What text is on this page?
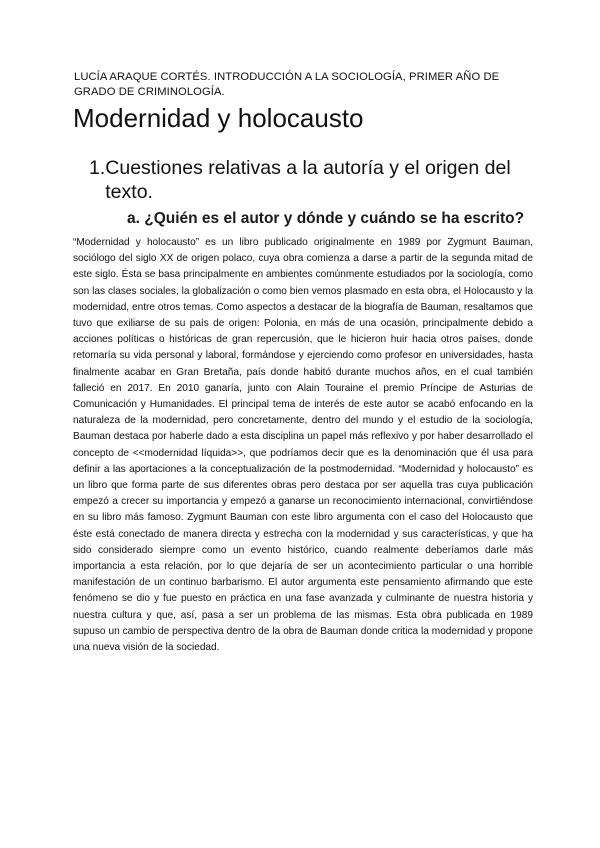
LUCÍA ARAQUE CORTÉS. INTRODUCCIÓN A LA SOCIOLOGÍA, PRIMER AÑO DE GRADO DE CRIMINOLOGÍA.
Modernidad y holocausto
1. Cuestiones relativas a la autoría y el origen del texto.
a. ¿Quién es el autor y dónde y cuándo se ha escrito?

“Modernidad y holocausto” es un libro publicado originalmente en 1989 por Zygmunt Bauman, sociólogo del siglo XX de origen polaco, cuya obra comienza a darse a partir de la segunda mitad de este siglo. Ésta se basa principalmente en ambientes comúnmente estudiados por la sociología, como son las clases sociales, la globalización o como bien vemos plasmado en esta obra, el Holocausto y la modernidad, entre otros temas. Como aspectos a destacar de la biografía de Bauman, resaltamos que tuvo que exiliarse de su país de origen: Polonia, en más de una ocasión, principalmente debido a acciones políticas o históricas de gran repercusión, que le hicieron huir hacia otros países, donde retomaría su vida personal y laboral, formándose y ejerciendo como profesor en universidades, hasta finalmente acabar en Gran Bretaña, país donde habitó durante muchos años, en el cual también falleció en 2017. En 2010 ganaría, junto con Alain Touraine el premio Príncipe de Asturias de Comunicación y Humanidades. El principal tema de interés de este autor se acabó enfocando en la naturaleza de la modernidad, pero concretamente, dentro del mundo y el estudio de la sociología, Bauman destaca por haberle dado a esta disciplina un papel más reflexivo y por haber desarrollado el concepto de <<modernidad líquida>>, que podríamos decir que es la denominación que él usa para definir a las aportaciones a la conceptualización de la postmodernidad. “Modernidad y holocausto” es un libro que forma parte de sus diferentes obras pero destaca por ser aquella tras cuya publicación empezó a crecer su importancia y empezó a ganarse un reconocimiento internacional, convirtiéndose en su libro más famoso. Zygmunt Bauman con este libro argumenta con el caso del Holocausto que éste está conectado de manera directa y estrecha con la modernidad y sus características, y que ha sido considerado siempre como un evento histórico, cuando realmente deberíamos darle más importancia a esta relación, por lo que dejaría de ser un acontecimiento particular o una horrible manifestación de un continuo barbarismo. El autor argumenta este pensamiento afirmando que este fenómeno se dio y fue puesto en práctica en una fase avanzada y culminante de nuestra historia y nuestra cultura y que, así, pasa a ser un problema de las mismas. Esta obra publicada en 1989 supuso un cambio de perspectiva dentro de la obra de Bauman donde critica la modernidad y propone una nueva visión de la sociedad.
